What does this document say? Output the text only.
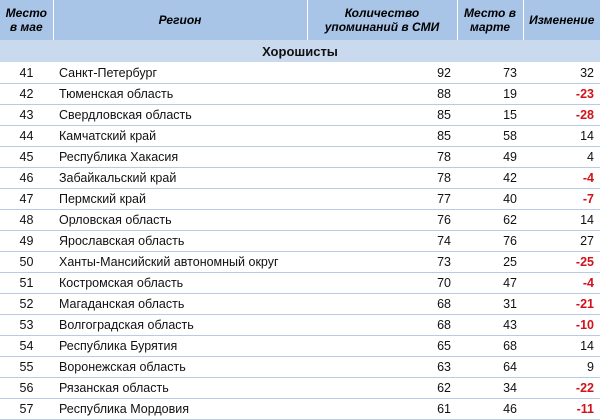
Место в мае	Регион	Количество упоминаний в СМИ	Место в марте	Изменение
Хорошисты				
41	Санкт-Петербург	92	73	32
42	Тюменская область	88	19	-23
43	Свердловская область	85	15	-28
44	Камчатский край	85	58	14
45	Республика Хакасия	78	49	4
46	Забайкальский край	78	42	-4
47	Пермский край	77	40	-7
48	Орловская область	76	62	14
49	Ярославская область	74	76	27
50	Ханты-Мансийский автономный округ	73	25	-25
51	Костромская область	70	47	-4
52	Магаданская область	68	31	-21
53	Волгоградская область	68	43	-10
54	Республика Бурятия	65	68	14
55	Воронежская область	63	64	9
56	Рязанская область	62	34	-22
57	Республика Мордовия	61	46	-11
